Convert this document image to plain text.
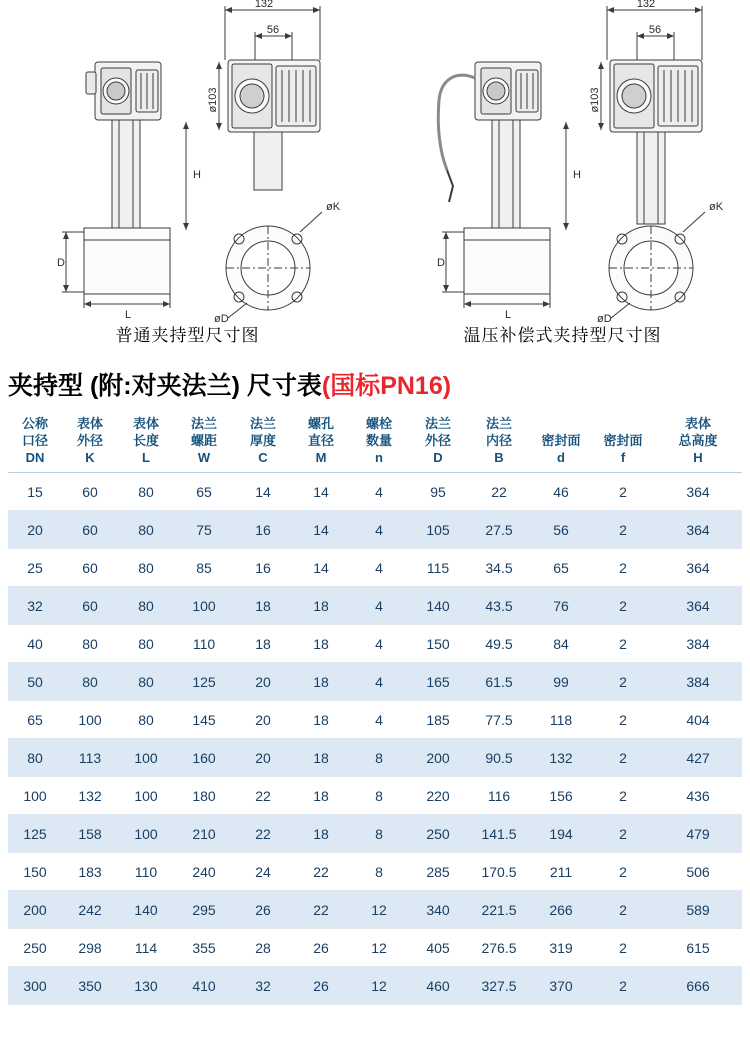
132
56
ø103
H
D
L
øK
øD
普通夹持型尺寸图
132
56
ø103
H
D
L
øK
øD
温压补偿式夹持型尺寸图
夹持型 (附:对夹法兰) 尺寸表(国标PN16)
公称
口径
DN	表体
外径
K	表体
长度
L	法兰
螺距
W	法兰
厚度
C	螺孔
直径
M	螺栓
数量
n	法兰
外径
D	法兰
内径
B	密封面
d	密封面
f	表体
总高度
H

15	60	80	65	14	14	4	95	22	46	2	364
20	60	80	75	16	14	4	105	27.5	56	2	364
25	60	80	85	16	14	4	115	34.5	65	2	364
32	60	80	100	18	18	4	140	43.5	76	2	364
40	80	80	110	18	18	4	150	49.5	84	2	384
50	80	80	125	20	18	4	165	61.5	99	2	384
65	100	80	145	20	18	4	185	77.5	118	2	404
80	113	100	160	20	18	8	200	90.5	132	2	427
100	132	100	180	22	18	8	220	116	156	2	436
125	158	100	210	22	18	8	250	141.5	194	2	479
150	183	110	240	24	22	8	285	170.5	211	2	506
200	242	140	295	26	22	12	340	221.5	266	2	589
250	298	114	355	28	26	12	405	276.5	319	2	615
300	350	130	410	32	26	12	460	327.5	370	2	666
